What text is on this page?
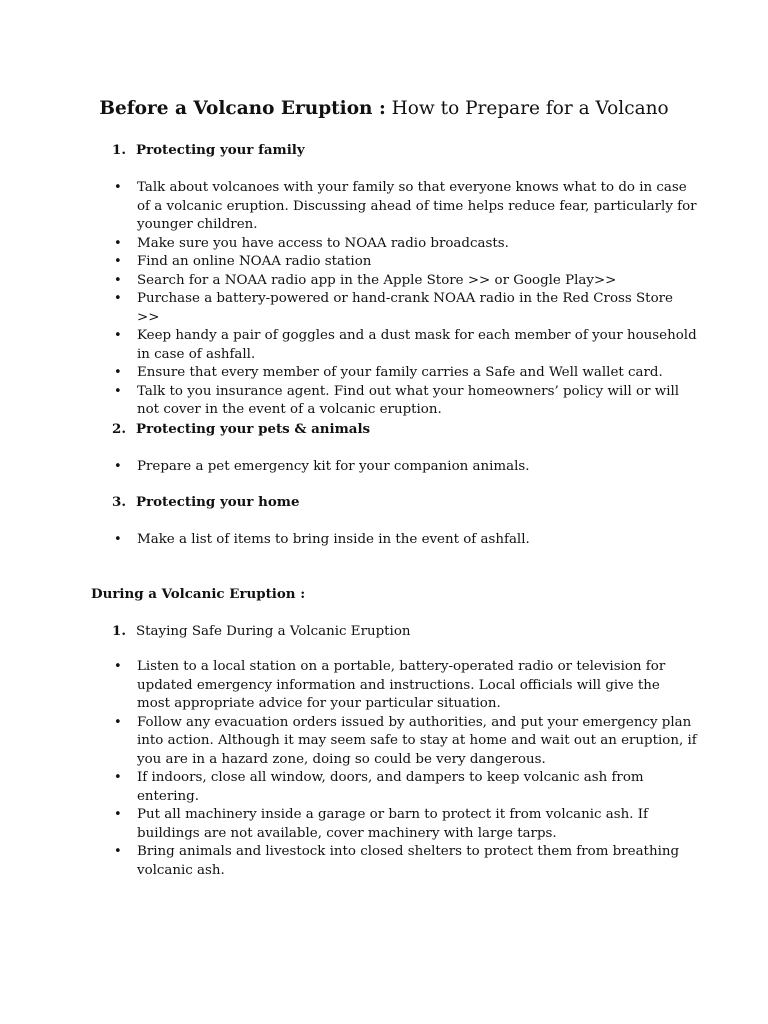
Before a Volcano Eruption : How to Prepare for a Volcano
1. Protecting your family
• Talk about volcanoes with your family so that everyone knows what to do in case of a volcanic eruption. Discussing ahead of time helps reduce fear, particularly for younger children.
• Make sure you have access to NOAA radio broadcasts.
• Find an online NOAA radio station
• Search for a NOAA radio app in the Apple Store >> or Google Play>>
• Purchase a battery-powered or hand-crank NOAA radio in the Red Cross Store >>
• Keep handy a pair of goggles and a dust mask for each member of your household in case of ashfall.
• Ensure that every member of your family carries a Safe and Well wallet card.
• Talk to you insurance agent. Find out what your homeowners’ policy will or will not cover in the event of a volcanic eruption.
2. Protecting your pets & animals
• Prepare a pet emergency kit for your companion animals.
3. Protecting your home
• Make a list of items to bring inside in the event of ashfall.
During a Volcanic Eruption :
1. Staying Safe During a Volcanic Eruption
• Listen to a local station on a portable, battery-operated radio or television for updated emergency information and instructions. Local officials will give the most appropriate advice for your particular situation.
• Follow any evacuation orders issued by authorities, and put your emergency plan into action. Although it may seem safe to stay at home and wait out an eruption, if you are in a hazard zone, doing so could be very dangerous.
• If indoors, close all window, doors, and dampers to keep volcanic ash from entering.
• Put all machinery inside a garage or barn to protect it from volcanic ash. If buildings are not available, cover machinery with large tarps.
• Bring animals and livestock into closed shelters to protect them from breathing volcanic ash.
